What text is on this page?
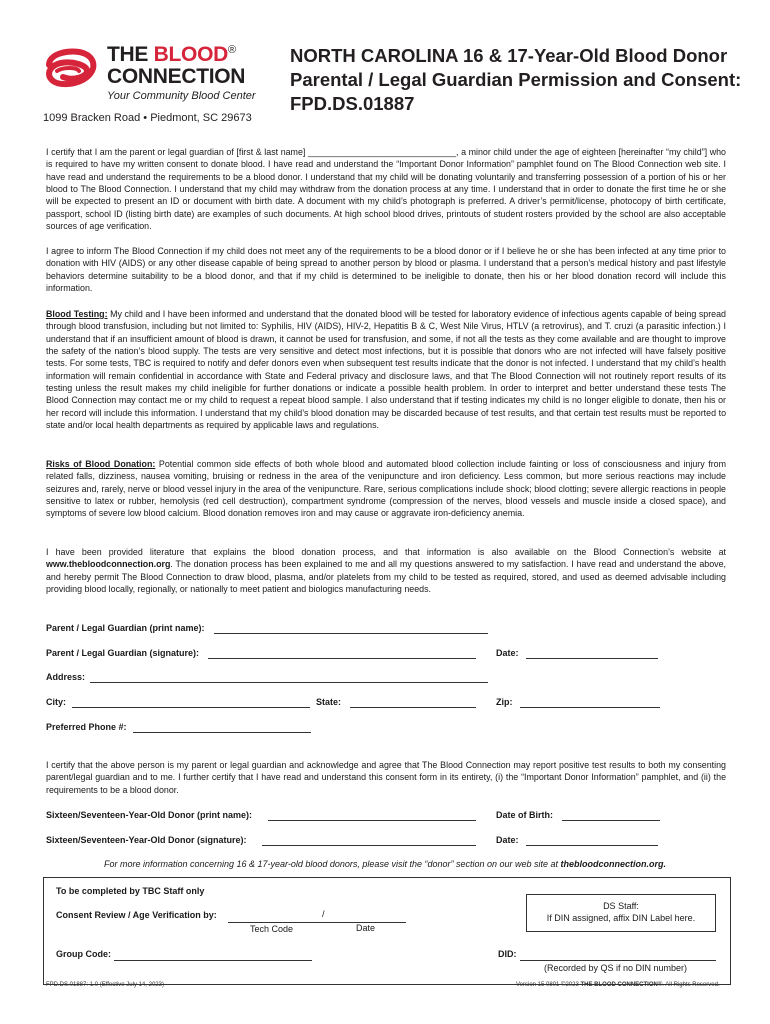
THE BLOOD®
CONNECTION
Your Community Blood Center
1099 Bracken Road • Piedmont, SC 29673
NORTH CAROLINA 16 & 17-Year-Old Blood Donor
Parental / Legal Guardian Permission and Consent:
FPD.DS.01887
I certify that I am the parent or legal guardian of [first & last name] ______________________________, a minor child under the age of eighteen [hereinafter “my child”] who is required to have my written consent to donate blood. I have read and understand the “Important Donor Information” pamphlet found on The Blood Connection web site. I have read and understand the requirements to be a blood donor. I understand that my child will be donating voluntarily and transferring possession of a portion of his or her blood to The Blood Connection. I understand that my child may withdraw from the donation process at any time. I understand that in order to donate the first time he or she will be expected to present an ID or document with birth date. A document with my child’s photograph is preferred. A driver’s permit/license, photocopy of birth certificate, passport, school ID (listing birth date) are examples of such documents. At high school blood drives, printouts of student rosters provided by the school are also acceptable sources of age verification.
I agree to inform The Blood Connection if my child does not meet any of the requirements to be a blood donor or if I believe he or she has been infected at any time prior to donation with HIV (AIDS) or any other disease capable of being spread to another person by blood or plasma. I understand that a person’s medical history and past lifestyle behaviors determine suitability to be a blood donor, and that if my child is determined to be ineligible to donate, then his or her blood donation record will include this information.
Blood Testing: My child and I have been informed and understand that the donated blood will be tested for laboratory evidence of infectious agents capable of being spread through blood transfusion, including but not limited to: Syphilis, HIV (AIDS), HIV-2, Hepatitis B & C, West Nile Virus, HTLV (a retrovirus), and T. cruzi (a parasitic infection.) I understand that if an insufficient amount of blood is drawn, it cannot be used for transfusion, and some, if not all the tests as they come available and are thought to improve the safety of the nation’s blood supply. The tests are very sensitive and detect most infections, but it is possible that donors who are not infected will have falsely positive tests. For some tests, TBC is required to notify and defer donors even when subsequent test results indicate that the donor is not infected. I understand that my child’s health information will remain confidential in accordance with State and Federal privacy and disclosure laws, and that The Blood Connection will not routinely report results of its testing unless the result makes my child ineligible for further donations or indicate a possible health problem. In order to interpret and better understand these tests The Blood Connection may contact me or my child to request a repeat blood sample. I also understand that if testing indicates my child is no longer eligible to donate, then his or her record will include this information. I understand that my child’s blood donation may be discarded because of test results, and that certain test results must be reported to state and/or local health departments as required by applicable laws and regulations.
Risks of Blood Donation: Potential common side effects of both whole blood and automated blood collection include fainting or loss of consciousness and injury from related falls, dizziness, nausea vomiting, bruising or redness in the area of the venipuncture and iron deficiency. Less common, but more serious reactions may include seizures and, rarely, nerve or blood vessel injury in the area of the venipuncture. Rare, serious complications include shock; blood clotting; severe allergic reactions in people sensitive to latex or rubber, hemolysis (red cell destruction), compartment syndrome (compression of the nerves, blood vessels and muscle inside a closed space), and symptoms of severe low blood calcium. Blood donation removes iron and may cause or aggravate iron-deficiency anemia.
I have been provided literature that explains the blood donation process, and that information is also available on the Blood Connection’s website at www.thebloodconnection.org. The donation process has been explained to me and all my questions answered to my satisfaction. I have read and understand the above, and hereby permit The Blood Connection to draw blood, plasma, and/or platelets from my child to be tested as required, stored, and used as deemed advisable including providing blood locally, regionally, or nationally to meet patient and biologics manufacturing needs.
Parent / Legal Guardian (print name):
Parent / Legal Guardian (signature):	Date:
Address:
City:	State:	Zip:
Preferred Phone #:
I certify that the above person is my parent or legal guardian and acknowledge and agree that The Blood Connection may report positive test results to both my consenting parent/legal guardian and to me. I further certify that I have read and understand this consent form in its entirety, (i) the “Important Donor Information” pamphlet, and (ii) the requirements to be a blood donor.
Sixteen/Seventeen-Year-Old Donor (print name):	Date of Birth:
Sixteen/Seventeen-Year-Old Donor (signature):	Date:
For more information concerning 16 & 17-year-old blood donors, please visit the “donor” section on our web site at thebloodconnection.org.
To be completed by TBC Staff only
Consent Review / Age Verification by:	/
Tech Code	Date
DS Staff:
If DIN assigned, affix DIN Label here.
Group Code:	DID:
(Recorded by QS if no DIN number)
FPD.DS.01887: 1.0 (Effective July 14, 2023)	Version 15 0801 ©2023 THE BLOOD CONNECTION®. All Rights Reserved.
